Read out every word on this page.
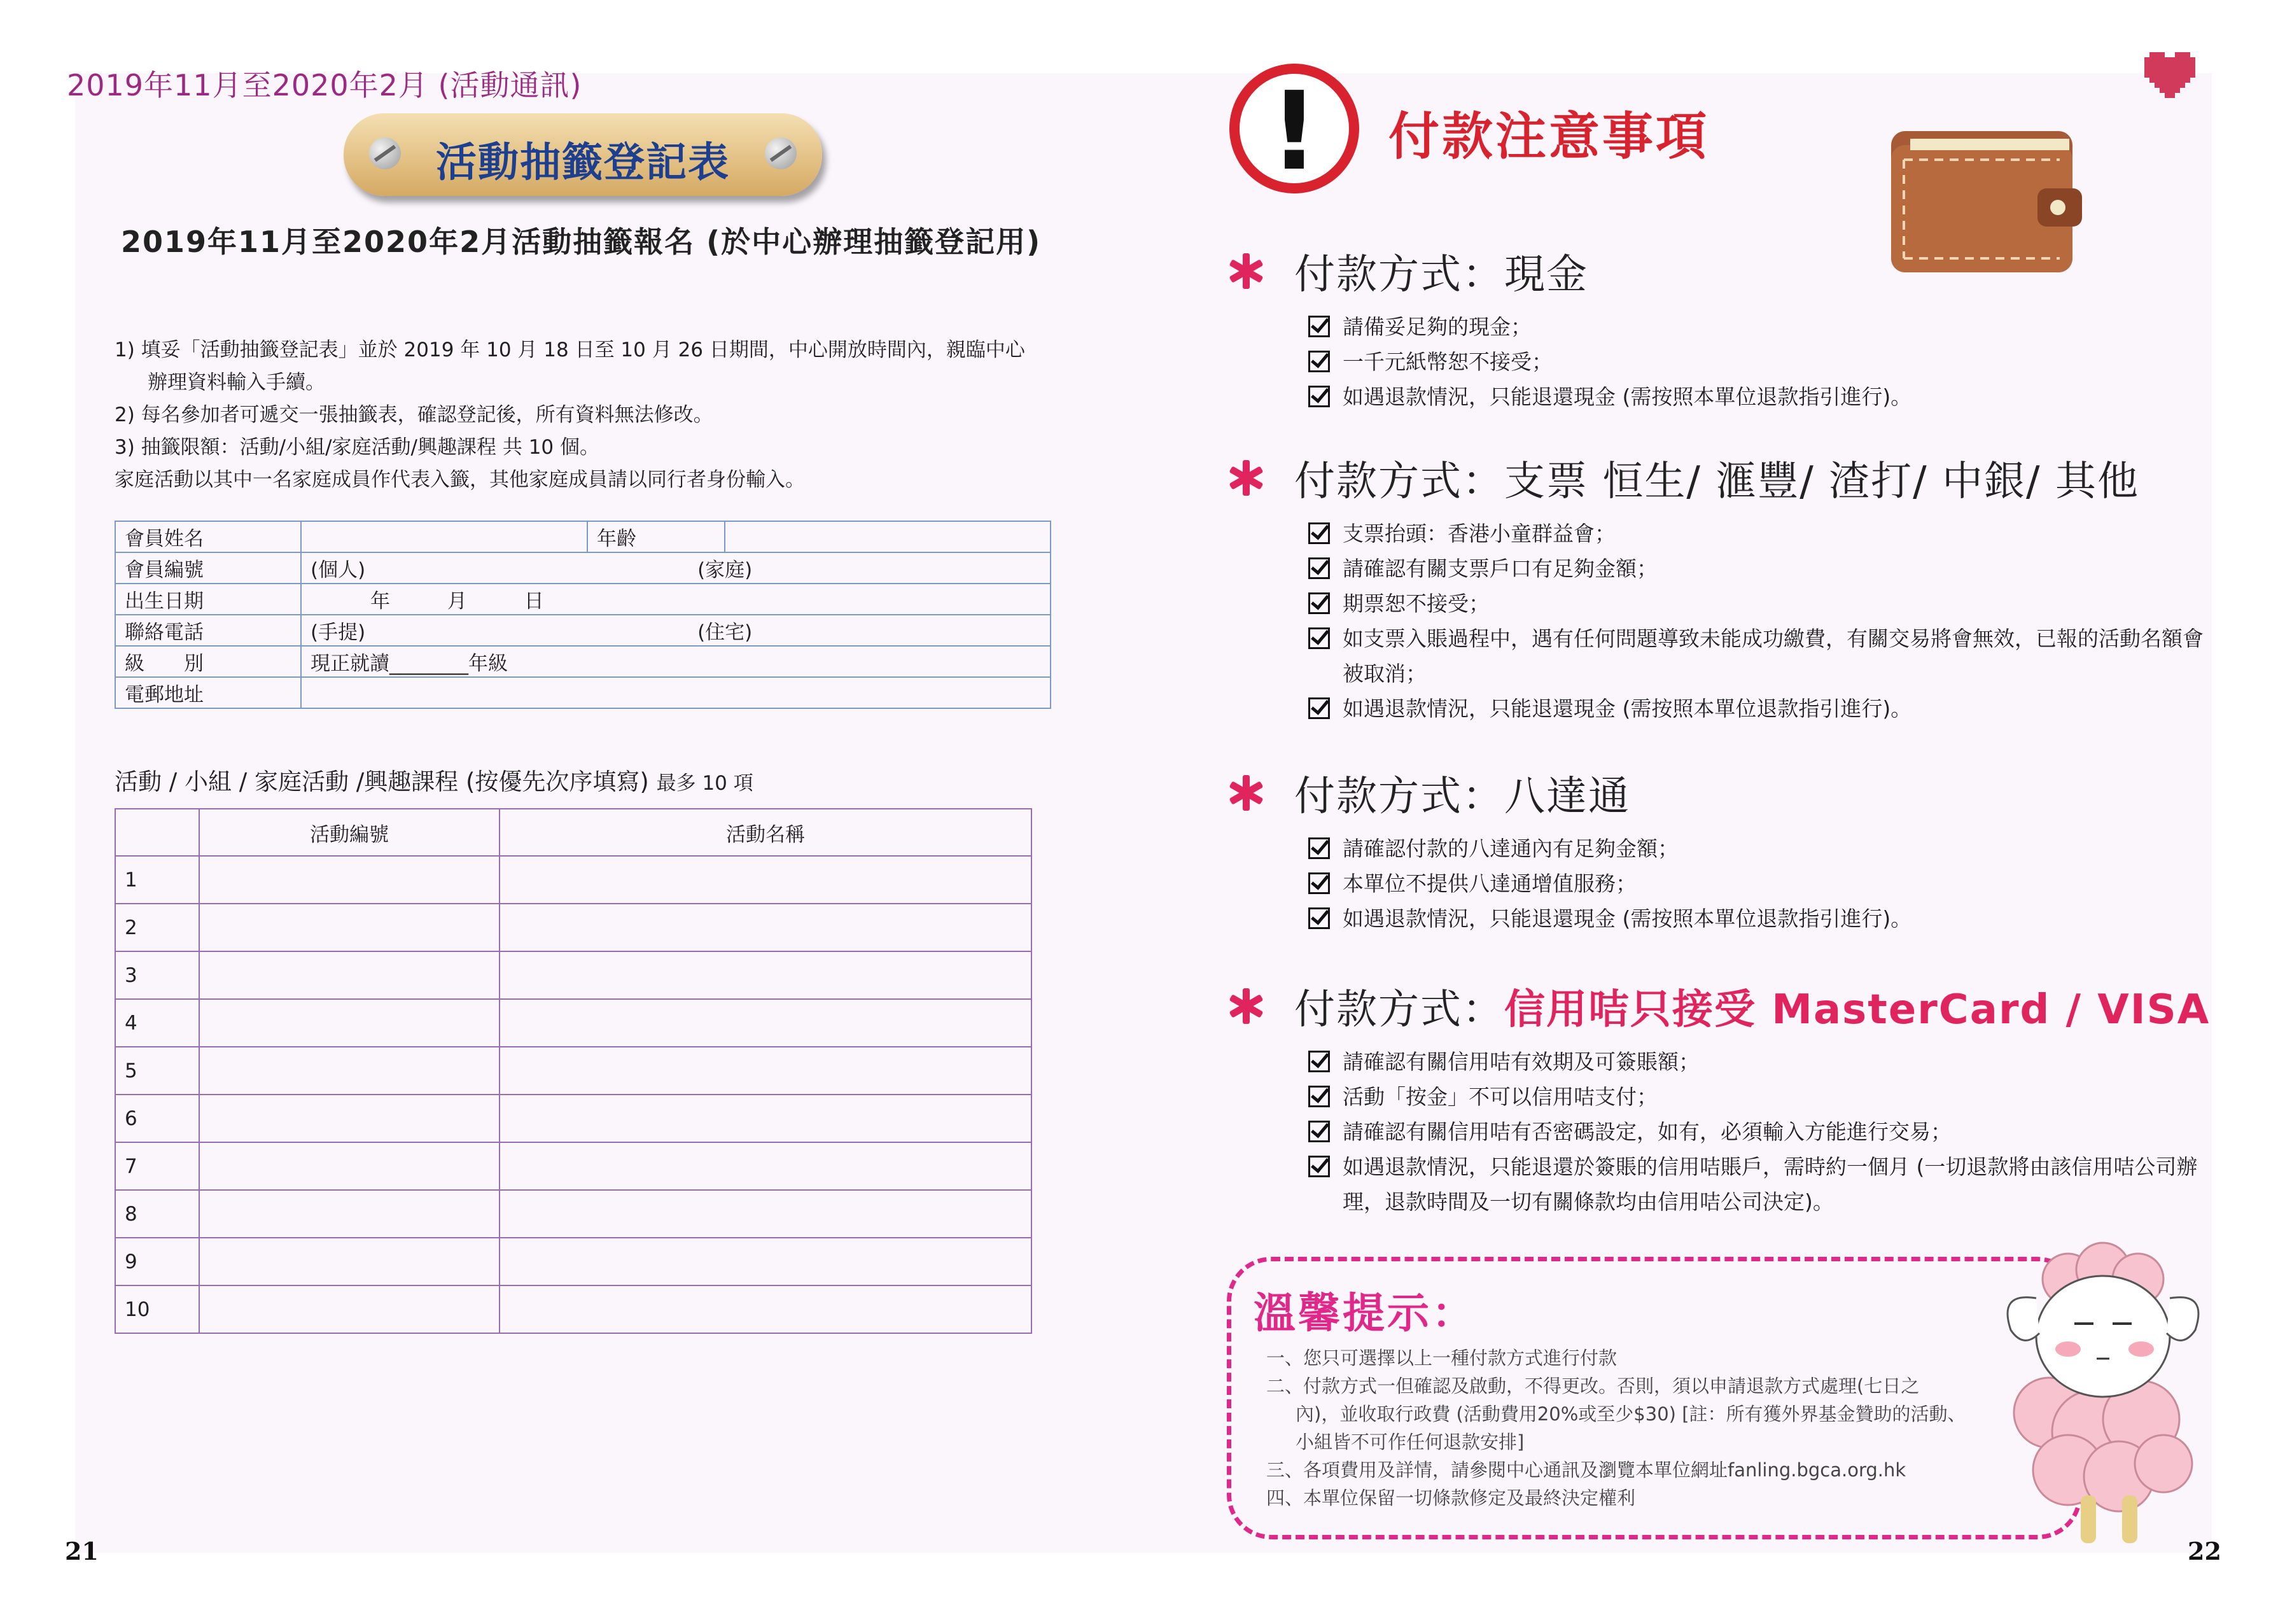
2019年11月至2020年2月 (活動通訊)
活動抽籤登記表
2019年11月至2020年2月活動抽籤報名 (於中心辦理抽籤登記用)
1) 填妥「活動抽籤登記表」並於 2019 年 10 月 18 日至 10 月 26 日期間，中心開放時間內，親臨中心
辦理資料輸入手續。
2) 每名參加者可遞交一張抽籤表，確認登記後，所有資料無法修改。
3) 抽籤限額：活動/小組/家庭活動/興趣課程 共 10 個。
家庭活動以其中一名家庭成員作代表入籤，其他家庭成員請以同行者身份輸入。
會員姓名		年齡	
會員編號	(個人) (家庭)		
出生日期	年 月 日		
聯絡電話	(手提) (住宅)		
級　　別	現正就讀________年級		
電郵地址			
活動 / 小組 / 家庭活動 /興趣課程 (按優先次序填寫) 最多 10 項
	活動編號	活動名稱
1		
2		
3		
4		
5		
6		
7		
8		
9		
10		
21
!	付款注意事項
付款方式：現金
請備妥足夠的現金；
一千元紙幣恕不接受；
如遇退款情況，只能退還現金 (需按照本單位退款指引進行)。
付款方式：支票 恒生/ 滙豐/ 渣打/ 中銀/ 其他
支票抬頭：香港小童群益會；
請確認有關支票戶口有足夠金額；
期票恕不接受；
如支票入賬過程中，遇有任何問題導致未能成功繳費，有關交易將會無效，已報的活動名額會被取消；
如遇退款情況，只能退還現金 (需按照本單位退款指引進行)。
付款方式：八達通
請確認付款的八達通內有足夠金額；
本單位不提供八達通增值服務；
如遇退款情況，只能退還現金 (需按照本單位退款指引進行)。
付款方式：信用咭只接受 MasterCard / VISA
請確認有關信用咭有效期及可簽賬額；
活動「按金」不可以信用咭支付；
請確認有關信用咭有否密碼設定，如有，必須輸入方能進行交易；
如遇退款情況，只能退還於簽賬的信用咭賬戶，需時約一個月 (一切退款將由該信用咭公司辦理，退款時間及一切有關條款均由信用咭公司決定)。
溫馨提示：
一、您只可選擇以上一種付款方式進行付款
二、付款方式一但確認及啟動，不得更改。否則，須以申請退款方式處理(七日之
內)，並收取行政費 (活動費用20%或至少$30) [註：所有獲外界基金贊助的活動、
小組皆不可作任何退款安排]
三、各項費用及詳情，請參閱中心通訊及瀏覽本單位網址fanling.bgca.org.hk
四、本單位保留一切條款修定及最終決定權利
22
